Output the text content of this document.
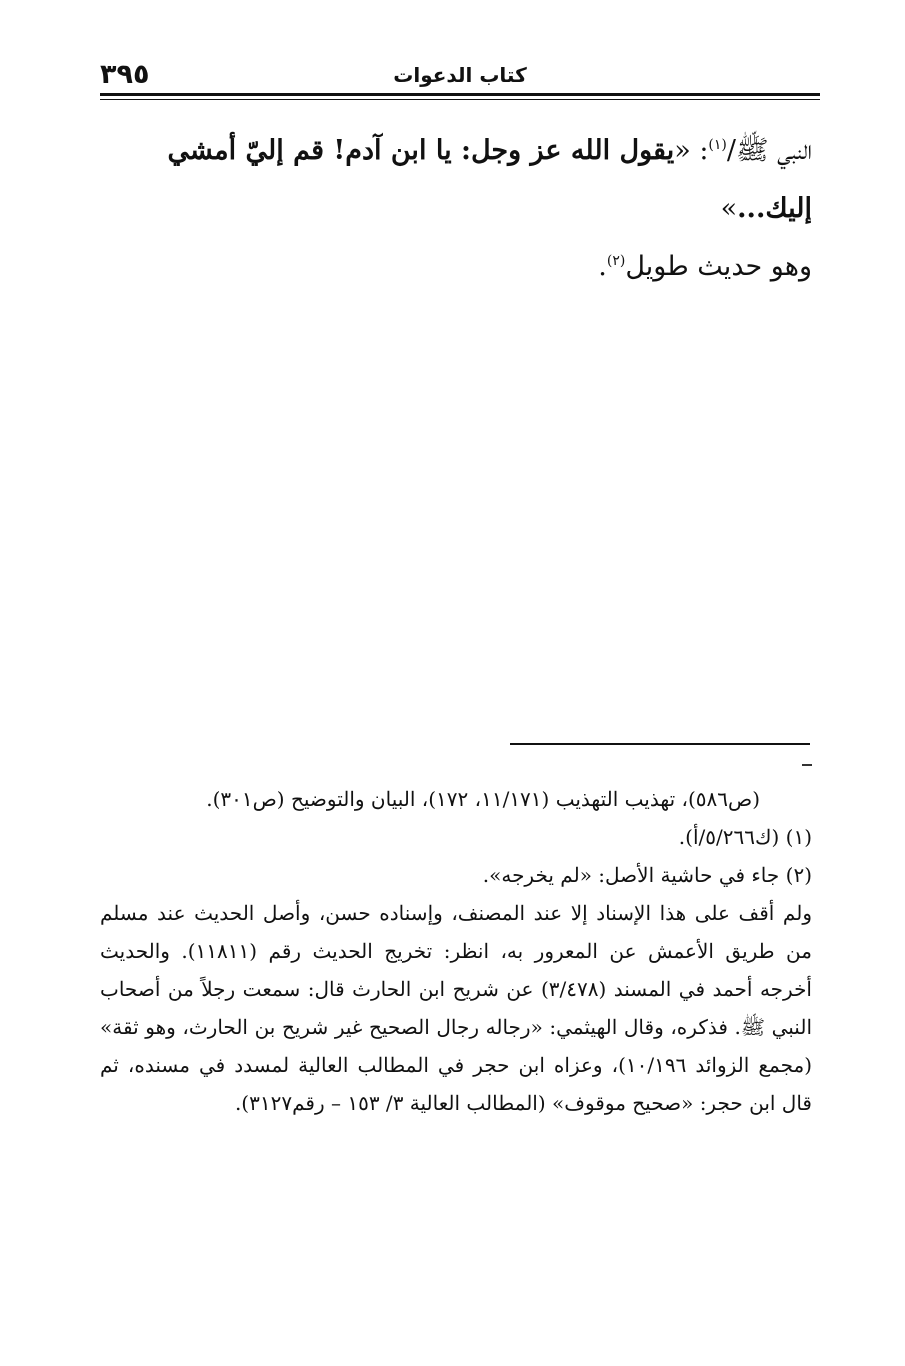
كتاب الدعوات
٣٩٥

النبي ﷺ/$^{(١)}$: «يقول الله عز وجل: يا ابن آدم! قم إليّ أمشي إليك...»

وهو حديث طويل$^{(٢)}$.

(ص٥٨٦)، تهذيب التهذيب (١١/١٧١، ١٧٢)، البيان والتوضيح (ص٣٠١).

(١) (ك٥/٢٦٦/أ).

(٢) جاء في حاشية الأصل: «لم يخرجه».

ولم أقف على هذا الإسناد إلا عند المصنف، وإسناده حسن، وأصل الحديث عند مسلم من طريق الأعمش عن المعرور به، انظر: تخريج الحديث رقم (١١٨١١). والحديث أخرجه أحمد في المسند (٣/٤٧٨) عن شريح ابن الحارث قال: سمعت رجلاً من أصحاب النبي ﷺ. فذكره، وقال الهيثمي: «رجاله رجال الصحيح غير شريح بن الحارث، وهو ثقة» (مجمع الزوائد ١٠/١٩٦)، وعزاه ابن حجر في المطالب العالية لمسدد في مسنده، ثم قال ابن حجر: «صحيح موقوف» (المطالب العالية ٣/ ١٥٣ – رقم٣١٢٧).
